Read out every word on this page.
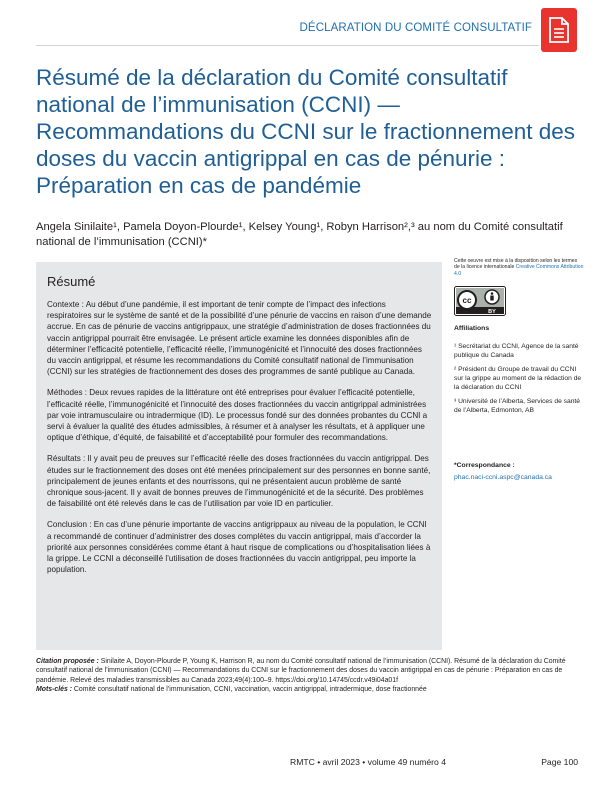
DÉCLARATION DU COMITÉ CONSULTATIF
Résumé de la déclaration du Comité consultatif national de l’immunisation (CCNI) — Recommandations du CCNI sur le fractionnement des doses du vaccin antigrippal en cas de pénurie : Préparation en cas de pandémie
Angela Sinilaite¹, Pamela Doyon-Plourde¹, Kelsey Young¹, Robyn Harrison²,³ au nom du Comité consultatif national de l’immunisation (CCNI)*
Résumé

Contexte : Au début d’une pandémie, il est important de tenir compte de l’impact des infections respiratoires sur le système de santé et de la possibilité d’une pénurie de vaccins en raison d’une demande accrue. En cas de pénurie de vaccins antigrippaux, une stratégie d’administration de doses fractionnées du vaccin antigrippal pourrait être envisagée. Le présent article examine les données disponibles afin de déterminer l’efficacité potentielle, l’efficacité réelle, l’immunogénicité et l’innocuité des doses fractionnées du vaccin antigrippal, et résume les recommandations du Comité consultatif national de l’immunisation (CCNI) sur les stratégies de fractionnement des doses des programmes de santé publique au Canada.

Méthodes : Deux revues rapides de la littérature ont été entreprises pour évaluer l’efficacité potentielle, l’efficacité réelle, l’immunogénicité et l’innocuité des doses fractionnées du vaccin antigrippal administrées par voie intramusculaire ou intradermique (ID). Le processus fondé sur des données probantes du CCNI a servi à évaluer la qualité des études admissibles, à résumer et à analyser les résultats, et à appliquer une optique d’éthique, d’équité, de faisabilité et d’acceptabilité pour formuler des recommandations.

Résultats : Il y avait peu de preuves sur l’efficacité réelle des doses fractionnées du vaccin antigrippal. Des études sur le fractionnement des doses ont été menées principalement sur des personnes en bonne santé, principalement de jeunes enfants et des nourrissons, qui ne présentaient aucun problème de santé chronique sous-jacent. Il y avait de bonnes preuves de l’immunogénicité et de la sécurité. Des problèmes de faisabilité ont été relevés dans le cas de l’utilisation par voie ID en particulier.

Conclusion : En cas d’une pénurie importante de vaccins antigrippaux au niveau de la population, le CCNI a recommandé de continuer d’administrer des doses complètes du vaccin antigrippal, mais d’accorder la priorité aux personnes considérées comme étant à haut risque de complications ou d’hospitalisation liées à la grippe. Le CCNI a déconseillé l’utilisation de doses fractionnées du vaccin antigrippal, peu importe la population.

Cette oeuvre est mise à la disposition selon les termes de la licence internationale Creative Commons Attribution 4.0
cc
BY
Affiliations
¹ Secrétariat du CCNI, Agence de la santé publique du Canada
² Président du Groupe de travail du CCNI sur la grippe au moment de la rédaction de la déclaration du CCNI
³ Université de l’Alberta, Services de santé de l’Alberta, Edmonton, AB
*Correspondance :
phac.naci-ccni.aspc@canada.ca
Citation proposée : Sinilaite A, Doyon-Plourde P, Young K, Harrison R, au nom du Comité consultatif national de l’immunisation (CCNI). Résumé de la déclaration du Comité consultatif national de l’immunisation (CCNI) — Recommandations du CCNI sur le fractionnement des doses du vaccin antigrippal en cas de pénurie : Préparation en cas de pandémie. Relevé des maladies transmissibles au Canada 2023;49(4):100–9. https://doi.org/10.14745/ccdr.v49i04a01f
Mots-clés : Comité consultatif national de l’immunisation, CCNI, vaccination, vaccin antigrippal, intradermique, dose fractionnée
RMTC • avril 2023 • volume 49 numéro 4	Page 100
